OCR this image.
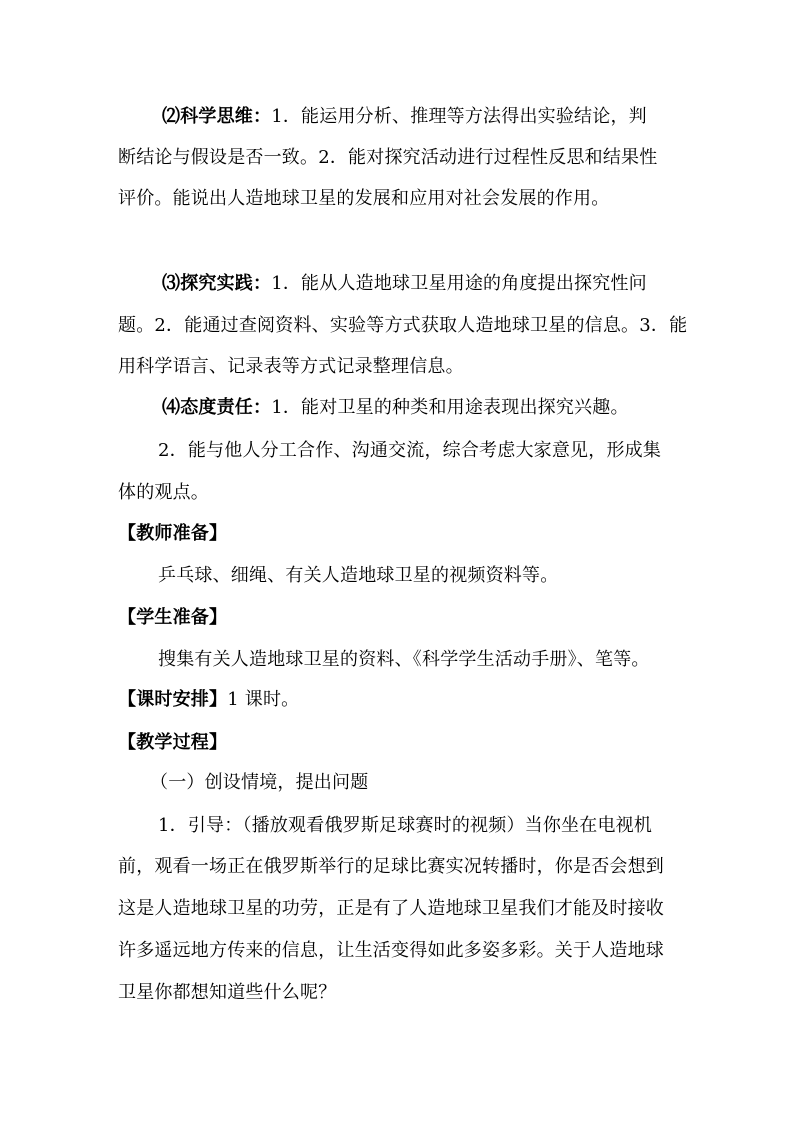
⑵科学思维：1．能运用分析、推理等方法得出实验结论，判
断结论与假设是否一致。2．能对探究活动进行过程性反思和结果性
评价。能说出人造地球卫星的发展和应用对社会发展的作用。
⑶探究实践：1．能从人造地球卫星用途的角度提出探究性问
题。2．能通过查阅资料、实验等方式获取人造地球卫星的信息。3．能
用科学语言、记录表等方式记录整理信息。
⑷态度责任：1．能对卫星的种类和用途表现出探究兴趣。
2．能与他人分工合作、沟通交流，综合考虑大家意见，形成集
体的观点。
【教师准备】
乒乓球、细绳、有关人造地球卫星的视频资料等。
【学生准备】
搜集有关人造地球卫星的资料、《科学学生活动手册》、笔等。
【课时安排】1 课时。
【教学过程】
（一）创设情境，提出问题
1．引导：（播放观看俄罗斯足球赛时的视频）当你坐在电视机
前，观看一场正在俄罗斯举行的足球比赛实况转播时，你是否会想到
这是人造地球卫星的功劳，正是有了人造地球卫星我们才能及时接收
许多遥远地方传来的信息，让生活变得如此多姿多彩。关于人造地球
卫星你都想知道些什么呢？
